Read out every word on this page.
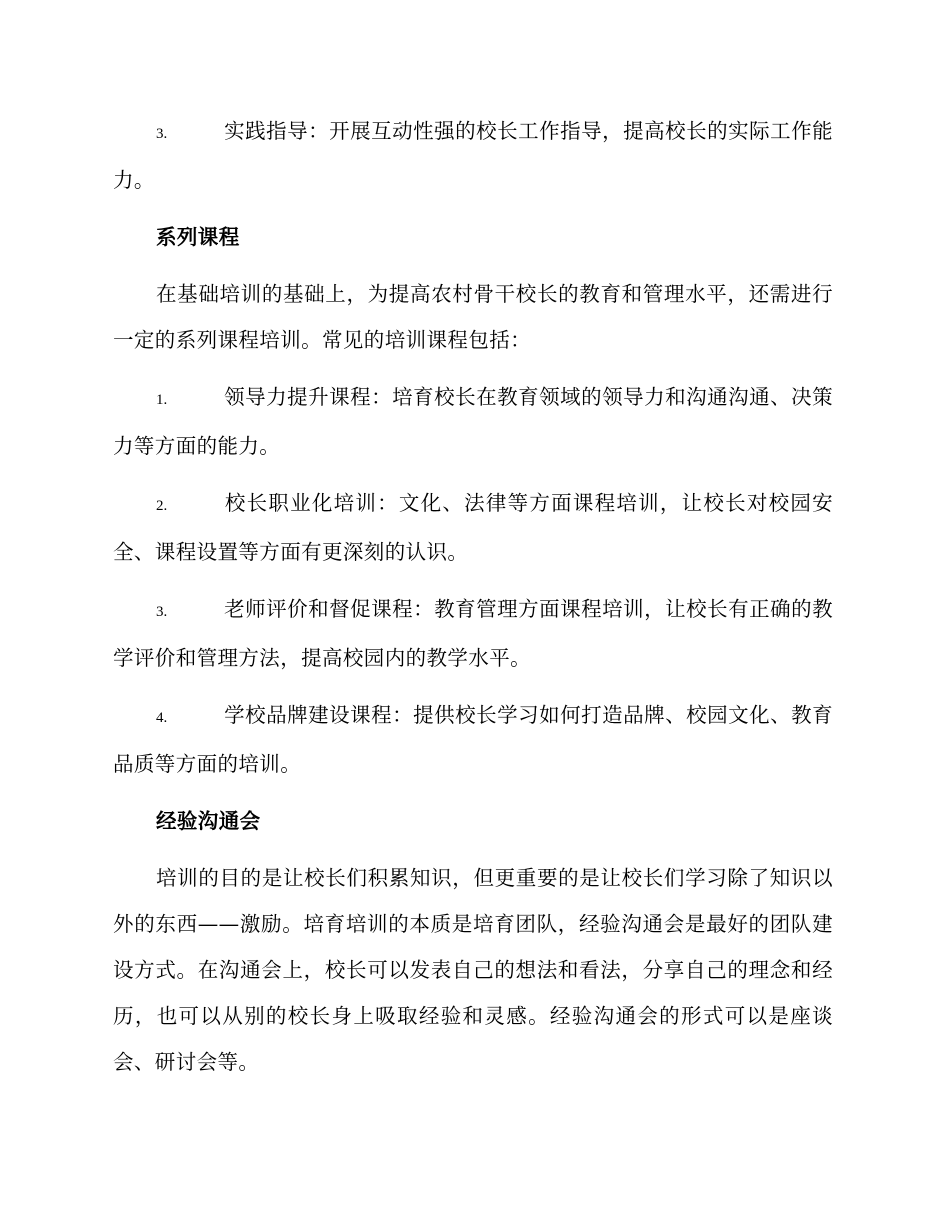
3.	实践指导：开展互动性强的校长工作指导，提高校长的实际工作能力。

系列课程

在基础培训的基础上，为提高农村骨干校长的教育和管理水平，还需进行一定的系列课程培训。常见的培训课程包括：

1.	领导力提升课程：培育校长在教育领域的领导力和沟通沟通、决策力等方面的能力。

2.	校长职业化培训：文化、法律等方面课程培训，让校长对校园安全、课程设置等方面有更深刻的认识。

3.	老师评价和督促课程：教育管理方面课程培训，让校长有正确的教学评价和管理方法，提高校园内的教学水平。

4.	学校品牌建设课程：提供校长学习如何打造品牌、校园文化、教育品质等方面的培训。

经验沟通会

培训的目的是让校长们积累知识，但更重要的是让校长们学习除了知识以外的东西——激励。培育培训的本质是培育团队，经验沟通会是最好的团队建设方式。在沟通会上，校长可以发表自己的想法和看法，分享自己的理念和经历，也可以从别的校长身上吸取经验和灵感。经验沟通会的形式可以是座谈会、研讨会等。
